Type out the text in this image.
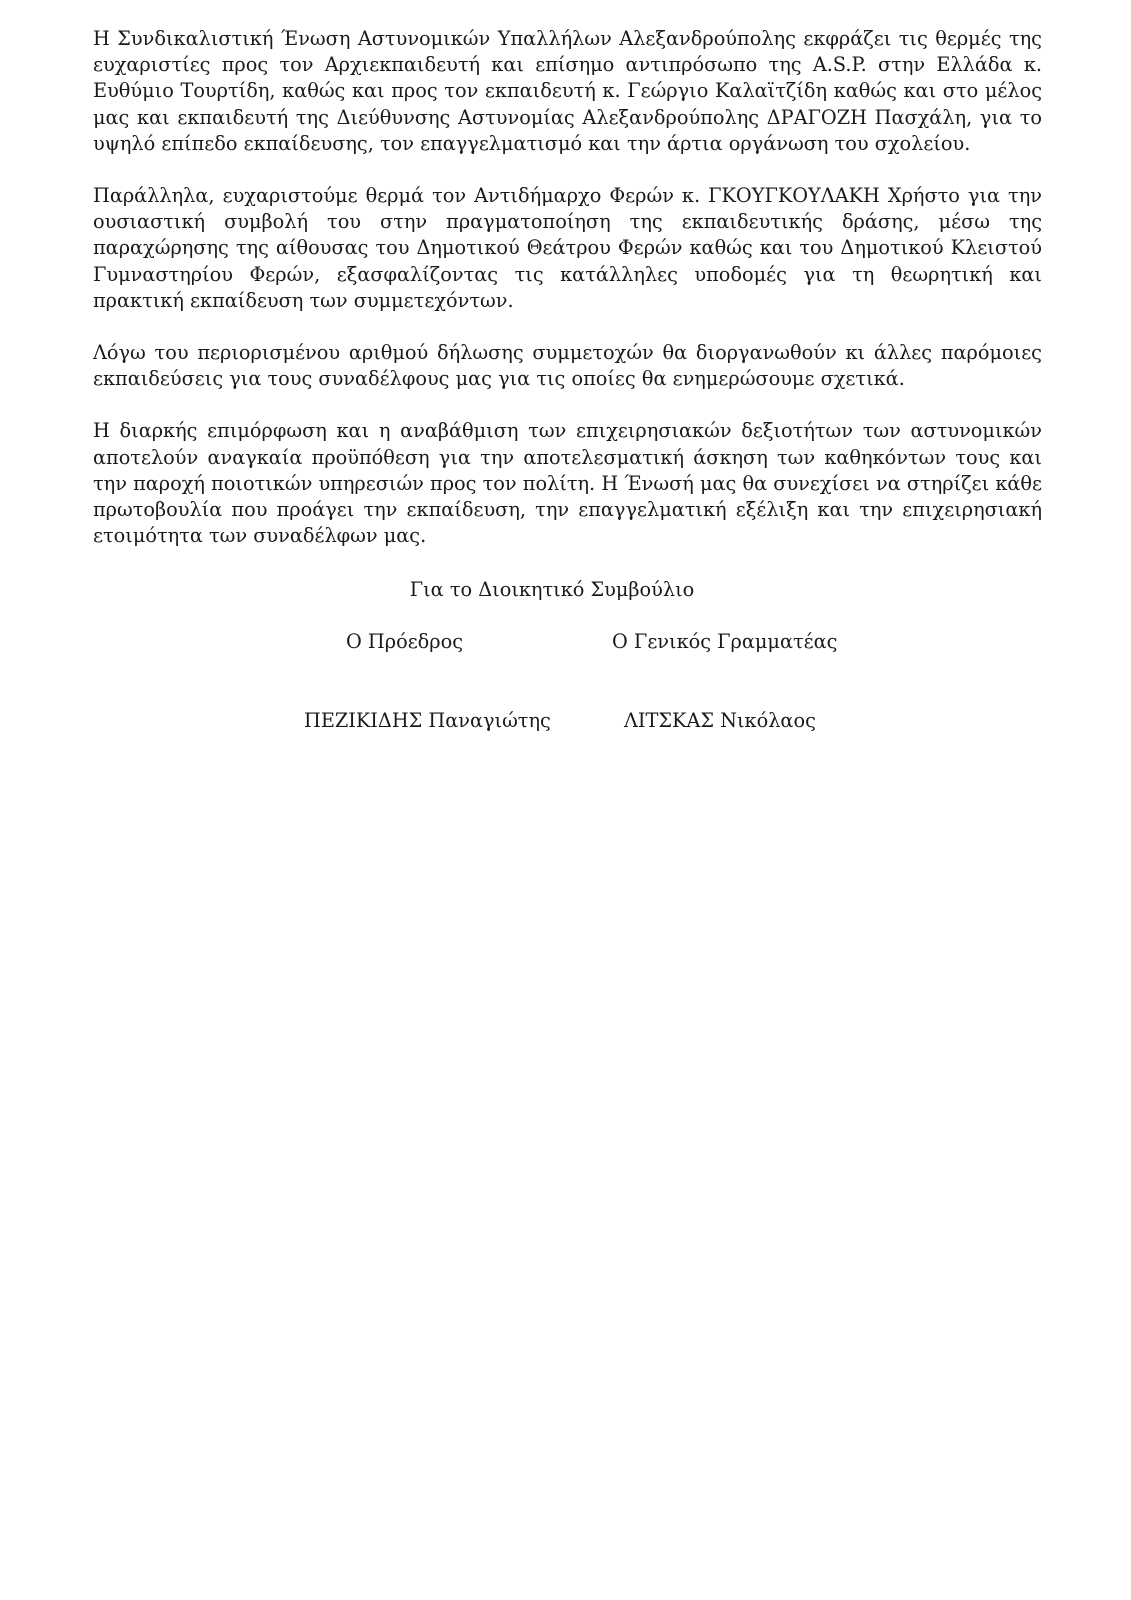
Η Συνδικαλιστική Ένωση Αστυνομικών Υπαλλήλων Αλεξανδρούπολης εκφράζει τις θερμές της ευχαριστίες προς τον Αρχιεκπαιδευτή και επίσημο αντιπρόσωπο της A.S.P. στην Ελλάδα κ. Ευθύμιο Τουρτίδη, καθώς και προς τον εκπαιδευτή κ. Γεώργιο Καλαϊτζίδη καθώς και στο μέλος μας και εκπαιδευτή της Διεύθυνσης Αστυνομίας Αλεξανδρούπολης ΔΡΑΓΟΖΗ Πασχάλη, για το υψηλό επίπεδο εκπαίδευσης, τον επαγγελματισμό και την άρτια οργάνωση του σχολείου.

Παράλληλα, ευχαριστούμε θερμά τον Αντιδήμαρχο Φερών κ. ΓΚΟΥΓΚΟΥΛΑΚΗ Χρήστο για την ουσιαστική συμβολή του στην πραγματοποίηση της εκπαιδευτικής δράσης, μέσω της παραχώρησης της αίθουσας του Δημοτικού Θεάτρου Φερών καθώς και του Δημοτικού Κλειστού Γυμναστηρίου Φερών, εξασφαλίζοντας τις κατάλληλες υποδομές για τη θεωρητική και πρακτική εκπαίδευση των συμμετεχόντων.

Λόγω του περιορισμένου αριθμού δήλωσης συμμετοχών θα διοργανωθούν κι άλλες παρόμοιες εκπαιδεύσεις για τους συναδέλφους μας για τις οποίες θα ενημερώσουμε σχετικά.

Η διαρκής επιμόρφωση και η αναβάθμιση των επιχειρησιακών δεξιοτήτων των αστυνομικών αποτελούν αναγκαία προϋπόθεση για την αποτελεσματική άσκηση των καθηκόντων τους και την παροχή ποιοτικών υπηρεσιών προς τον πολίτη. Η Ένωσή μας θα συνεχίσει να στηρίζει κάθε πρωτοβουλία που προάγει την εκπαίδευση, την επαγγελματική εξέλιξη και την επιχειρησιακή ετοιμότητα των συναδέλφων μας.

Για το Διοικητικό Συμβούλιο
Ο Πρόεδρος	Ο Γενικός Γραμματέας
ΠΕΖΙΚΙΔΗΣ Παναγιώτης	ΛΙΤΣΚΑΣ Νικόλαος
